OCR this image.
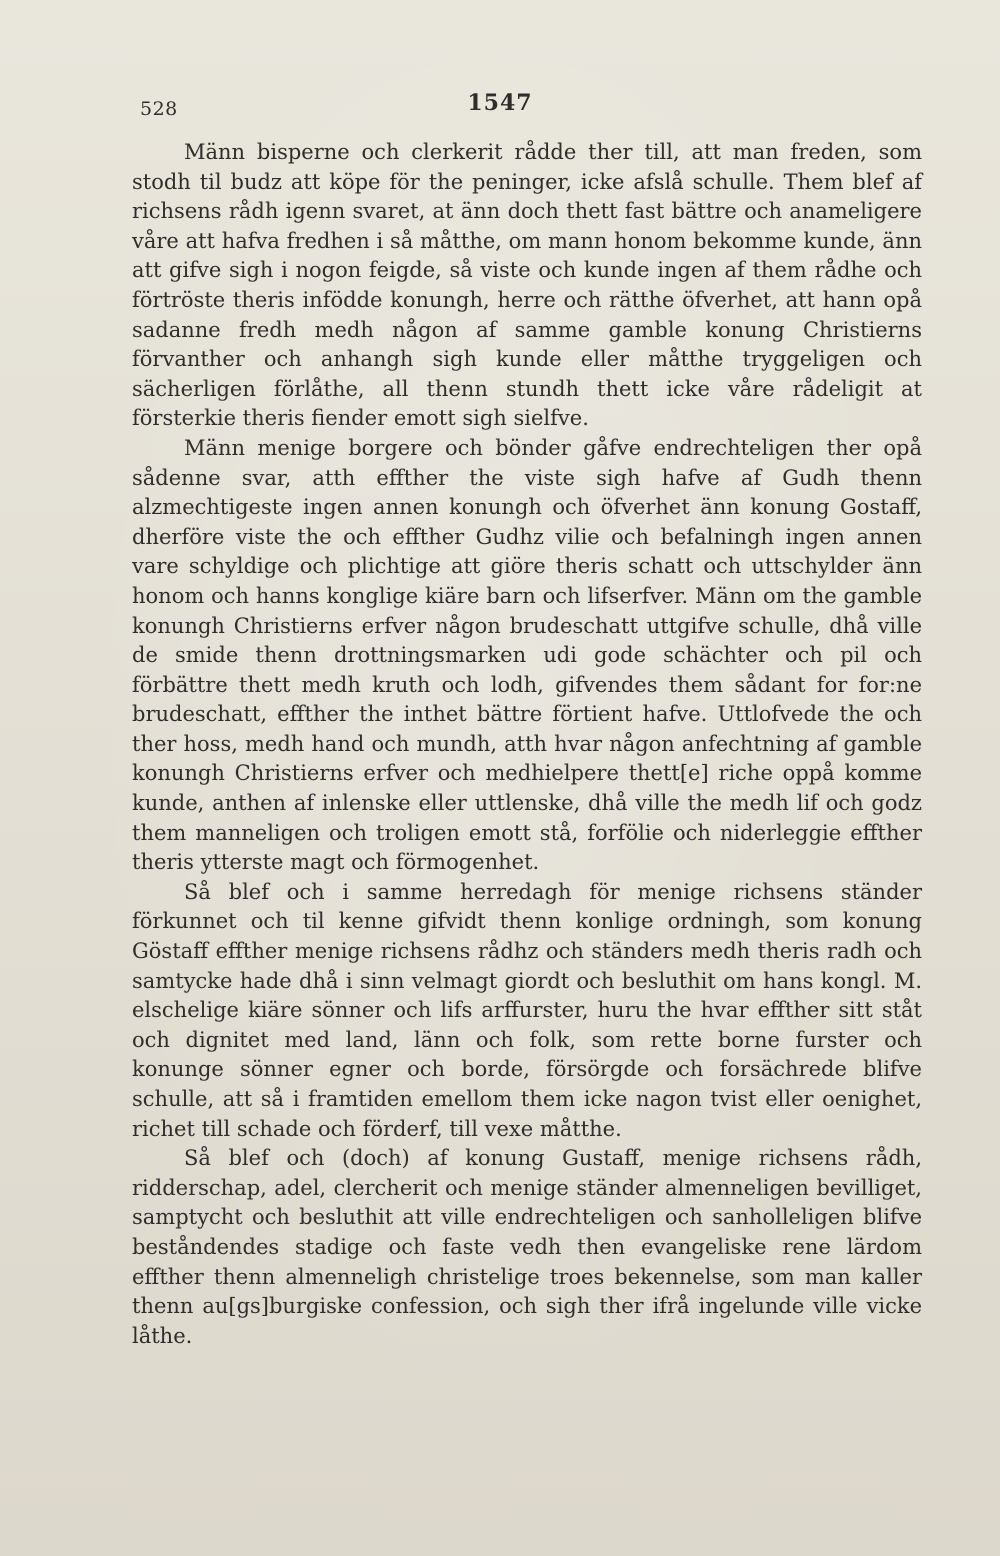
528	1547

Männ bisperne och clerkerit rådde ther till, att man freden, som stodh til budz att köpe för the peninger, icke afslå schulle. Them blef af richsens rådh igenn svaret, at änn doch thett fast bättre och anameligere våre att hafva fredhen i så måtthe, om mann honom bekomme kunde, änn att gifve sigh i nogon feigde, så viste och kunde ingen af them rådhe och förtröste theris infödde konungh, herre och rätthe öfverhet, att hann opå sadanne fredh medh någon af samme gamble konung Christierns förvanther och anhangh sigh kunde eller måtthe tryggeligen och sächerligen förlåthe, all thenn stundh thett icke våre rådeligit at försterkie theris fiender emott sigh sielfve.

Männ menige borgere och bönder gåfve endrechteligen ther opå sådenne svar, atth effther the viste sigh hafve af Gudh thenn alzmechtigeste ingen annen konungh och öfverhet änn konung Gostaff, dherföre viste the och effther Gudhz vilie och befalningh ingen annen vare schyldige och plichtige att giöre theris schatt och uttschylder änn honom och hanns konglige kiäre barn och lifserfver. Männ om the gamble konungh Christierns erfver någon brudeschatt uttgifve schulle, dhå ville de smide thenn drottningsmarken udi gode schächter och pil och förbättre thett medh kruth och lodh, gifvendes them sådant for for:ne brudeschatt, effther the inthet bättre förtient hafve. Uttlofvede the och ther hoss, medh hand och mundh, atth hvar någon anfechtning af gamble konungh Christierns erfver och medhielpere thett[e] riche oppå komme kunde, anthen af inlenske eller uttlenske, dhå ville the medh lif och godz them manneligen och troligen emott stå, forfölie och niderleggie effther theris ytterste magt och förmogenhet.

Så blef och i samme herredagh för menige richsens ständer förkunnet och til kenne gifvidt thenn konlige ordningh, som konung Göstaff effther menige richsens rådhz och ständers medh theris radh och samtycke hade dhå i sinn velmagt giordt och besluthit om hans kongl. M. elschelige kiäre sönner och lifs arffurster, huru the hvar effther sitt ståt och dignitet med land, länn och folk, som rette borne furster och konunge sönner egner och borde, försörgde och forsächrede blifve schulle, att så i framtiden emellom them icke nagon tvist eller oenighet, richet till schade och förderf, till vexe måtthe.

Så blef och (doch) af konung Gustaff, menige richsens rådh, ridderschap, adel, clercherit och menige ständer almenneligen bevilliget, samptycht och besluthit att ville endrechteligen och sanholleligen blifve beståndendes stadige och faste vedh then evangeliske rene lärdom effther thenn almenneligh christelige troes bekennelse, som man kaller thenn au[gs]burgiske confession, och sigh ther ifrå ingelunde ville vicke låthe.
